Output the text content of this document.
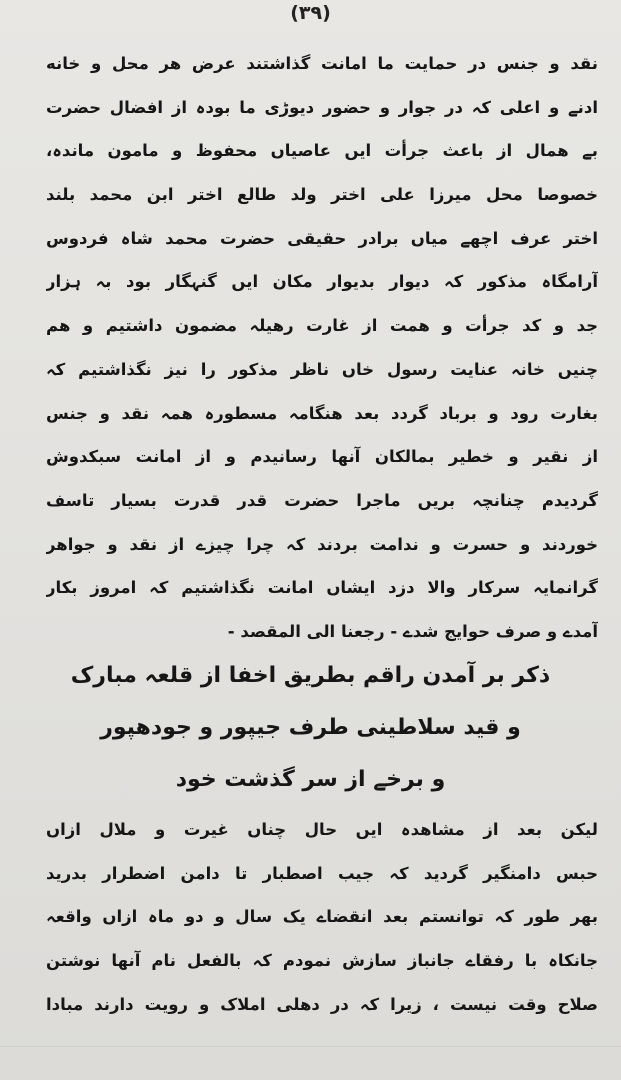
(۳۹)
نقد و جنس در حمایت ما امانت گذاشتند عرض هر محل و خانه
ادنے و اعلی کہ در جوار و حضور دیوڑی ما بودہ از افضال حضرت
بے همال از باعث جرأت ایں عاصیاں محفوظ و مامون ماندہ،
خصوصا محل میرزا علی اختر ولد طالع اختر ابن محمد بلند
اختر عرف اچھے میاں برادر حقیقی حضرت محمد شاہ فردوس
آرامگاہ مذکور کہ دیوار بدیوار مکان ایں گنہگار بود بہ ہزار
جد و کد جرأت و همت از غارت رهیلہ مضمون داشتیم و هم
چنیں خانہ عنایت رسول خاں ناظر مذکور را نیز نگذاشتیم کہ
بغارت رود و برباد گردد بعد هنگامہ مسطورہ همہ نقد و جنس
از نقیر و خطیر بمالکان آنها رسانیدم و از امانت سبکدوش
گردیدم چنانچہ بریں ماجرا حضرت قدر قدرت بسیار تاسف
خوردند و حسرت و ندامت بردند کہ چرا چیزے از نقد و جواهر
گرانمایہ سرکار والا دزد ایشاں امانت نگذاشتیم کہ امروز بکار
آمدے و صرف حوایج شدے - رجعنا الی المقصد -
ذکر بر آمدن راقم بطریق اخفا از قلعہ مبارک
و قید سلاطینی طرف جیپور و جودھپور
و برخے از سر گذشت خود
لیکن بعد از مشاهدہ ایں حال چناں غیرت و ملال ازاں
حبس دامنگیر گردید کہ جیب اصطبار تا دامن اضطرار بدرید
بهر طور کہ توانستم بعد انقضاے یک سال و دو ماہ ازاں واقعہ
جانکاہ با رفقاے جانباز سازش نمودم کہ بالفعل نام آنها نوشتن
صلاح وقت نیست ، زیرا کہ در دهلی املاک و رویت دارند مبادا
